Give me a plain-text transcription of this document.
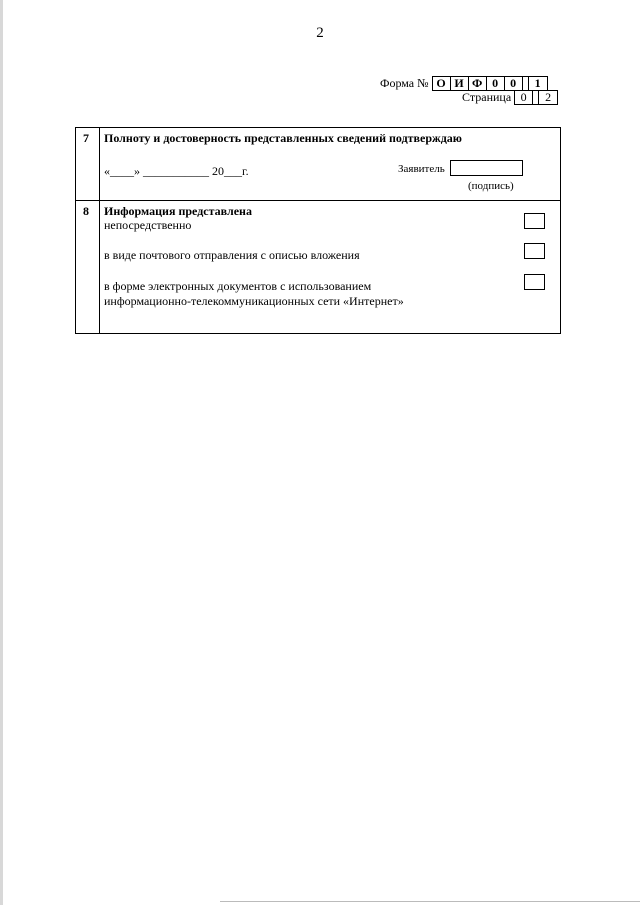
2
Форма № О И Ф 0	0	1
Страница 0	2
7 Полноту и достоверность представленных сведений подтверждаю
«____» ___________ 20___г.	Заявитель
(подпись)
8 Информация представлена
непосредственно
в виде почтового отправления с описью вложения
в форме электронных документов с использованием
информационно-телекоммуникационных сети «Интернет»
